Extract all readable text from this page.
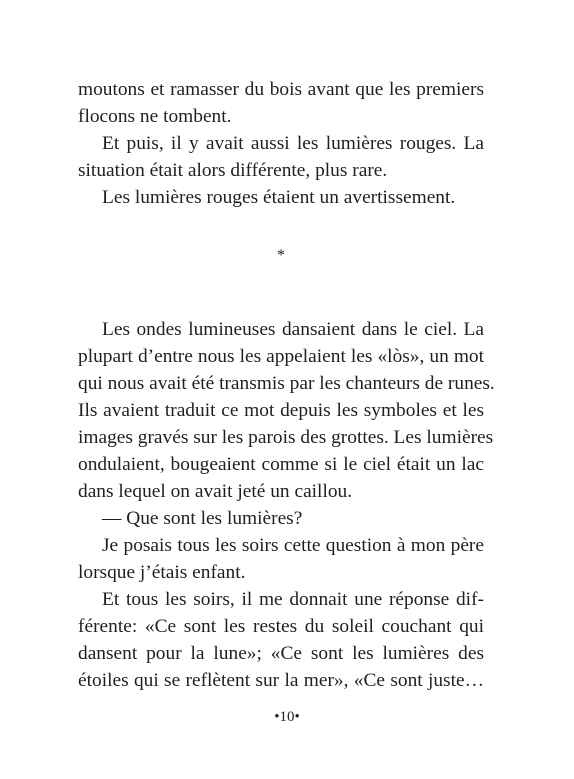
moutons et ramasser du bois avant que les premiers
flocons ne tombent.
Et puis, il y avait aussi les lumières rouges. La
situation était alors différente, plus rare.
Les lumières rouges étaient un avertissement.
*
Les ondes lumineuses dansaient dans le ciel. La
plupart d’entre nous les appelaient les «lòs», un mot
qui nous avait été transmis par les chanteurs de runes.
Ils avaient traduit ce mot depuis les symboles et les
images gravés sur les parois des grottes. Les lumières
ondulaient, bougeaient comme si le ciel était un lac
dans lequel on avait jeté un caillou.
— Que sont les lumières?
Je posais tous les soirs cette question à mon père
lorsque j’étais enfant.
Et tous les soirs, il me donnait une réponse dif-
férente: «Ce sont les restes du soleil couchant qui
dansent pour la lune»; «Ce sont les lumières des
étoiles qui se reflètent sur la mer», «Ce sont juste…
•10•
